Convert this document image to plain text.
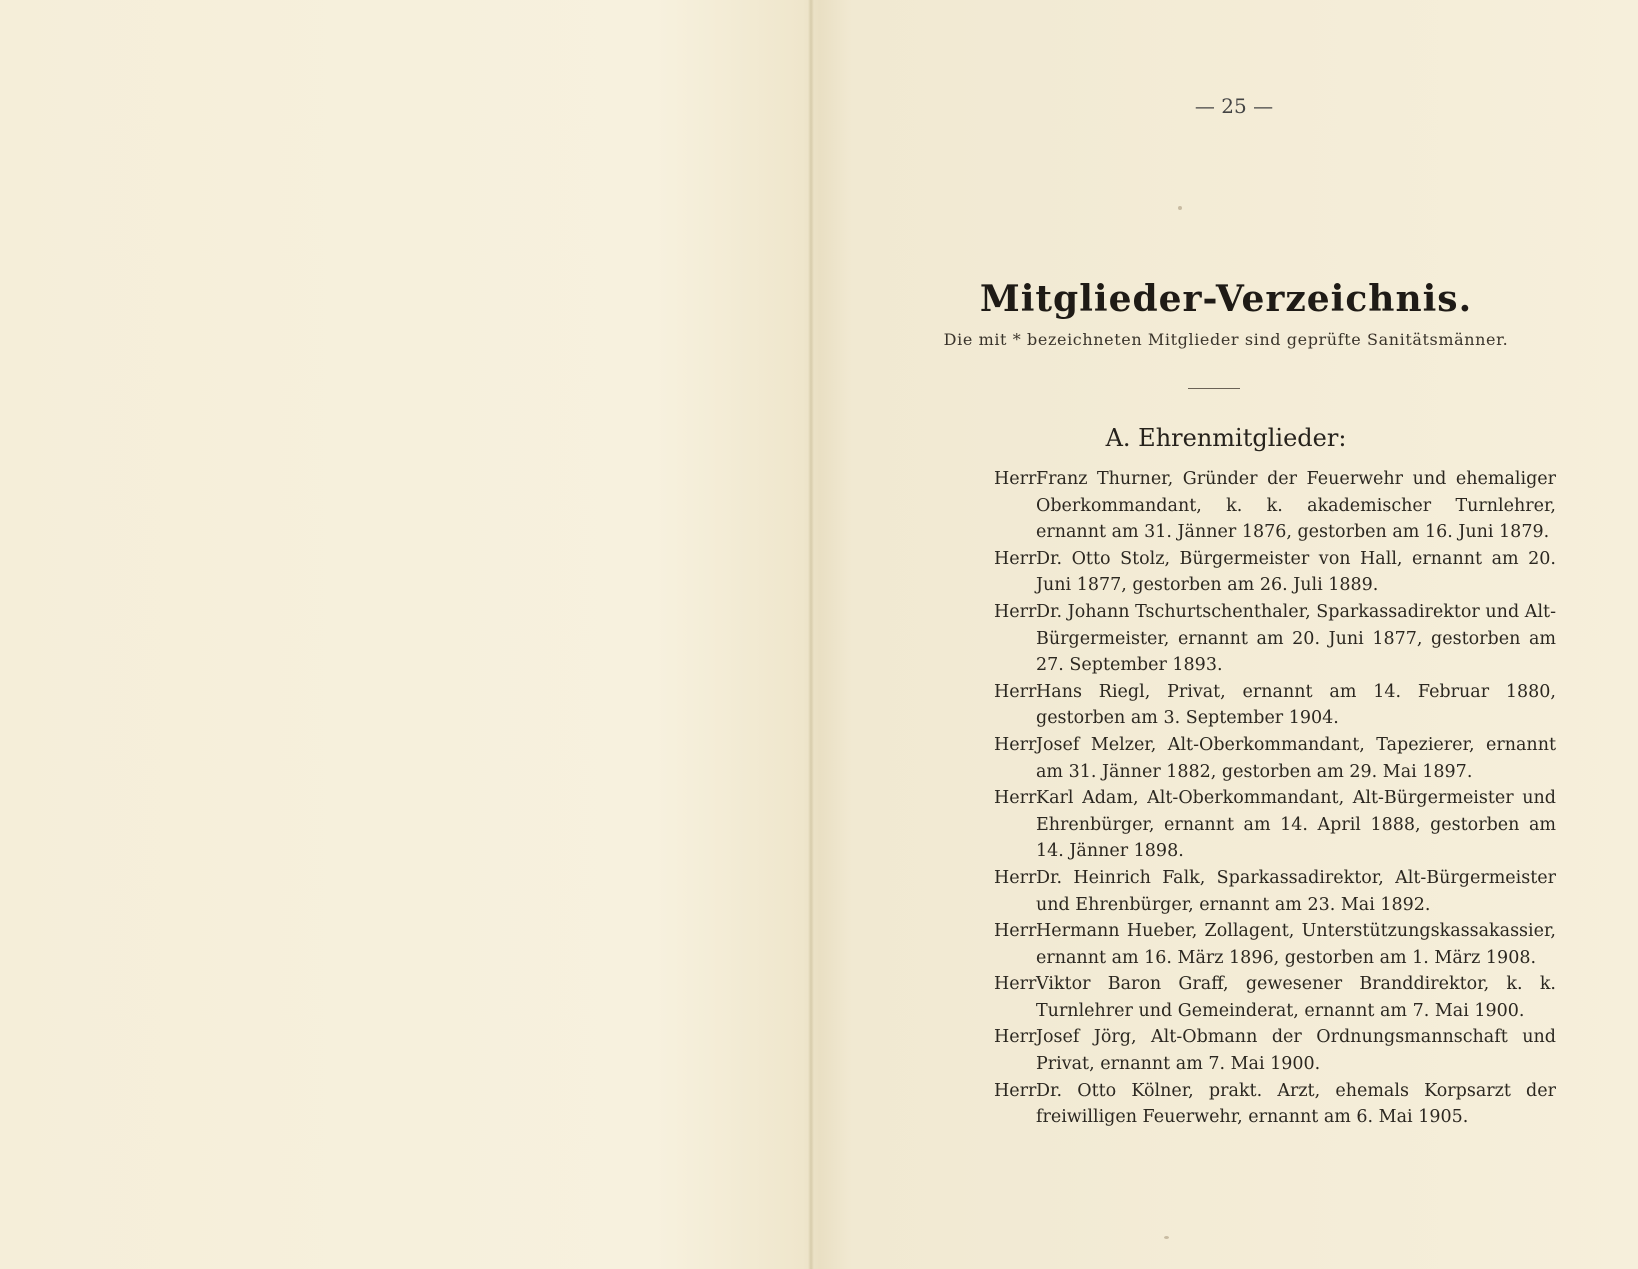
— 25 —
Mitglieder-Verzeichnis.
Die mit * bezeichneten Mitglieder sind geprüfte Sanitätsmänner.
A. Ehrenmitglieder:
Herr Franz Thurner, Gründer der Feuerwehr und ehemaliger Oberkommandant, k. k. akademischer Turnlehrer, ernannt am 31. Jänner 1876, gestorben am 16. Juni 1879.
Herr Dr. Otto Stolz, Bürgermeister von Hall, ernannt am 20. Juni 1877, gestorben am 26. Juli 1889.
Herr Dr. Johann Tschurtschenthaler, Sparkassadirektor und Alt-Bürgermeister, ernannt am 20. Juni 1877, gestorben am 27. September 1893.
Herr Hans Riegl, Privat, ernannt am 14. Februar 1880, gestorben am 3. September 1904.
Herr Josef Melzer, Alt-Oberkommandant, Tapezierer, ernannt am 31. Jänner 1882, gestorben am 29. Mai 1897.
Herr Karl Adam, Alt-Oberkommandant, Alt-Bürgermeister und Ehrenbürger, ernannt am 14. April 1888, gestorben am 14. Jänner 1898.
Herr Dr. Heinrich Falk, Sparkassadirektor, Alt-Bürgermeister und Ehrenbürger, ernannt am 23. Mai 1892.
Herr Hermann Hueber, Zollagent, Unterstützungskassakassier, ernannt am 16. März 1896, gestorben am 1. März 1908.
Herr Viktor Baron Graff, gewesener Branddirektor, k. k. Turnlehrer und Gemeinderat, ernannt am 7. Mai 1900.
Herr Josef Jörg, Alt-Obmann der Ordnungsmannschaft und Privat, ernannt am 7. Mai 1900.
Herr Dr. Otto Kölner, prakt. Arzt, ehemals Korpsarzt der freiwilligen Feuerwehr, ernannt am 6. Mai 1905.
